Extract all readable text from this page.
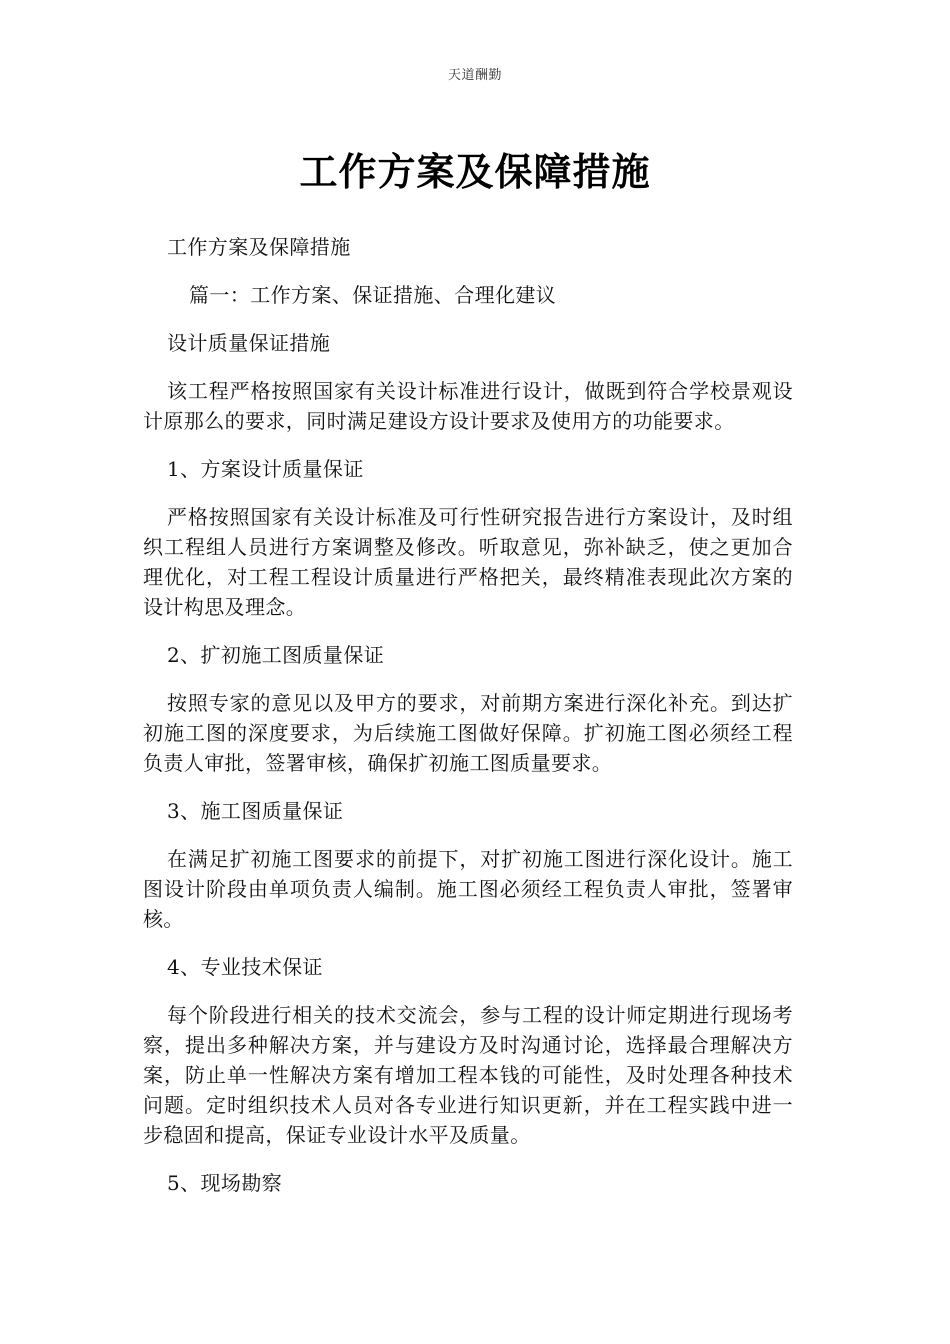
天道酬勤
工作方案及保障措施

工作方案及保障措施

篇一：工作方案、保证措施、合理化建议

设计质量保证措施

该工程严格按照国家有关设计标准进行设计，做既到符合学校景观设计原那么的要求，同时满足建设方设计要求及使用方的功能要求。

1、方案设计质量保证

严格按照国家有关设计标准及可行性研究报告进行方案设计，及时组织工程组人员进行方案调整及修改。听取意见，弥补缺乏，使之更加合理优化，对工程工程设计质量进行严格把关，最终精准表现此次方案的设计构思及理念。

2、扩初施工图质量保证

按照专家的意见以及甲方的要求，对前期方案进行深化补充。到达扩初施工图的深度要求，为后续施工图做好保障。扩初施工图必须经工程负责人审批，签署审核，确保扩初施工图质量要求。

3、施工图质量保证

在满足扩初施工图要求的前提下，对扩初施工图进行深化设计。施工图设计阶段由单项负责人编制。施工图必须经工程负责人审批，签署审核。

4、专业技术保证

每个阶段进行相关的技术交流会，参与工程的设计师定期进行现场考察，提出多种解决方案，并与建设方及时沟通讨论，选择最合理解决方案，防止单一性解决方案有增加工程本钱的可能性，及时处理各种技术问题。定时组织技术人员对各专业进行知识更新，并在工程实践中进一步稳固和提高，保证专业设计水平及质量。

5、现场勘察
